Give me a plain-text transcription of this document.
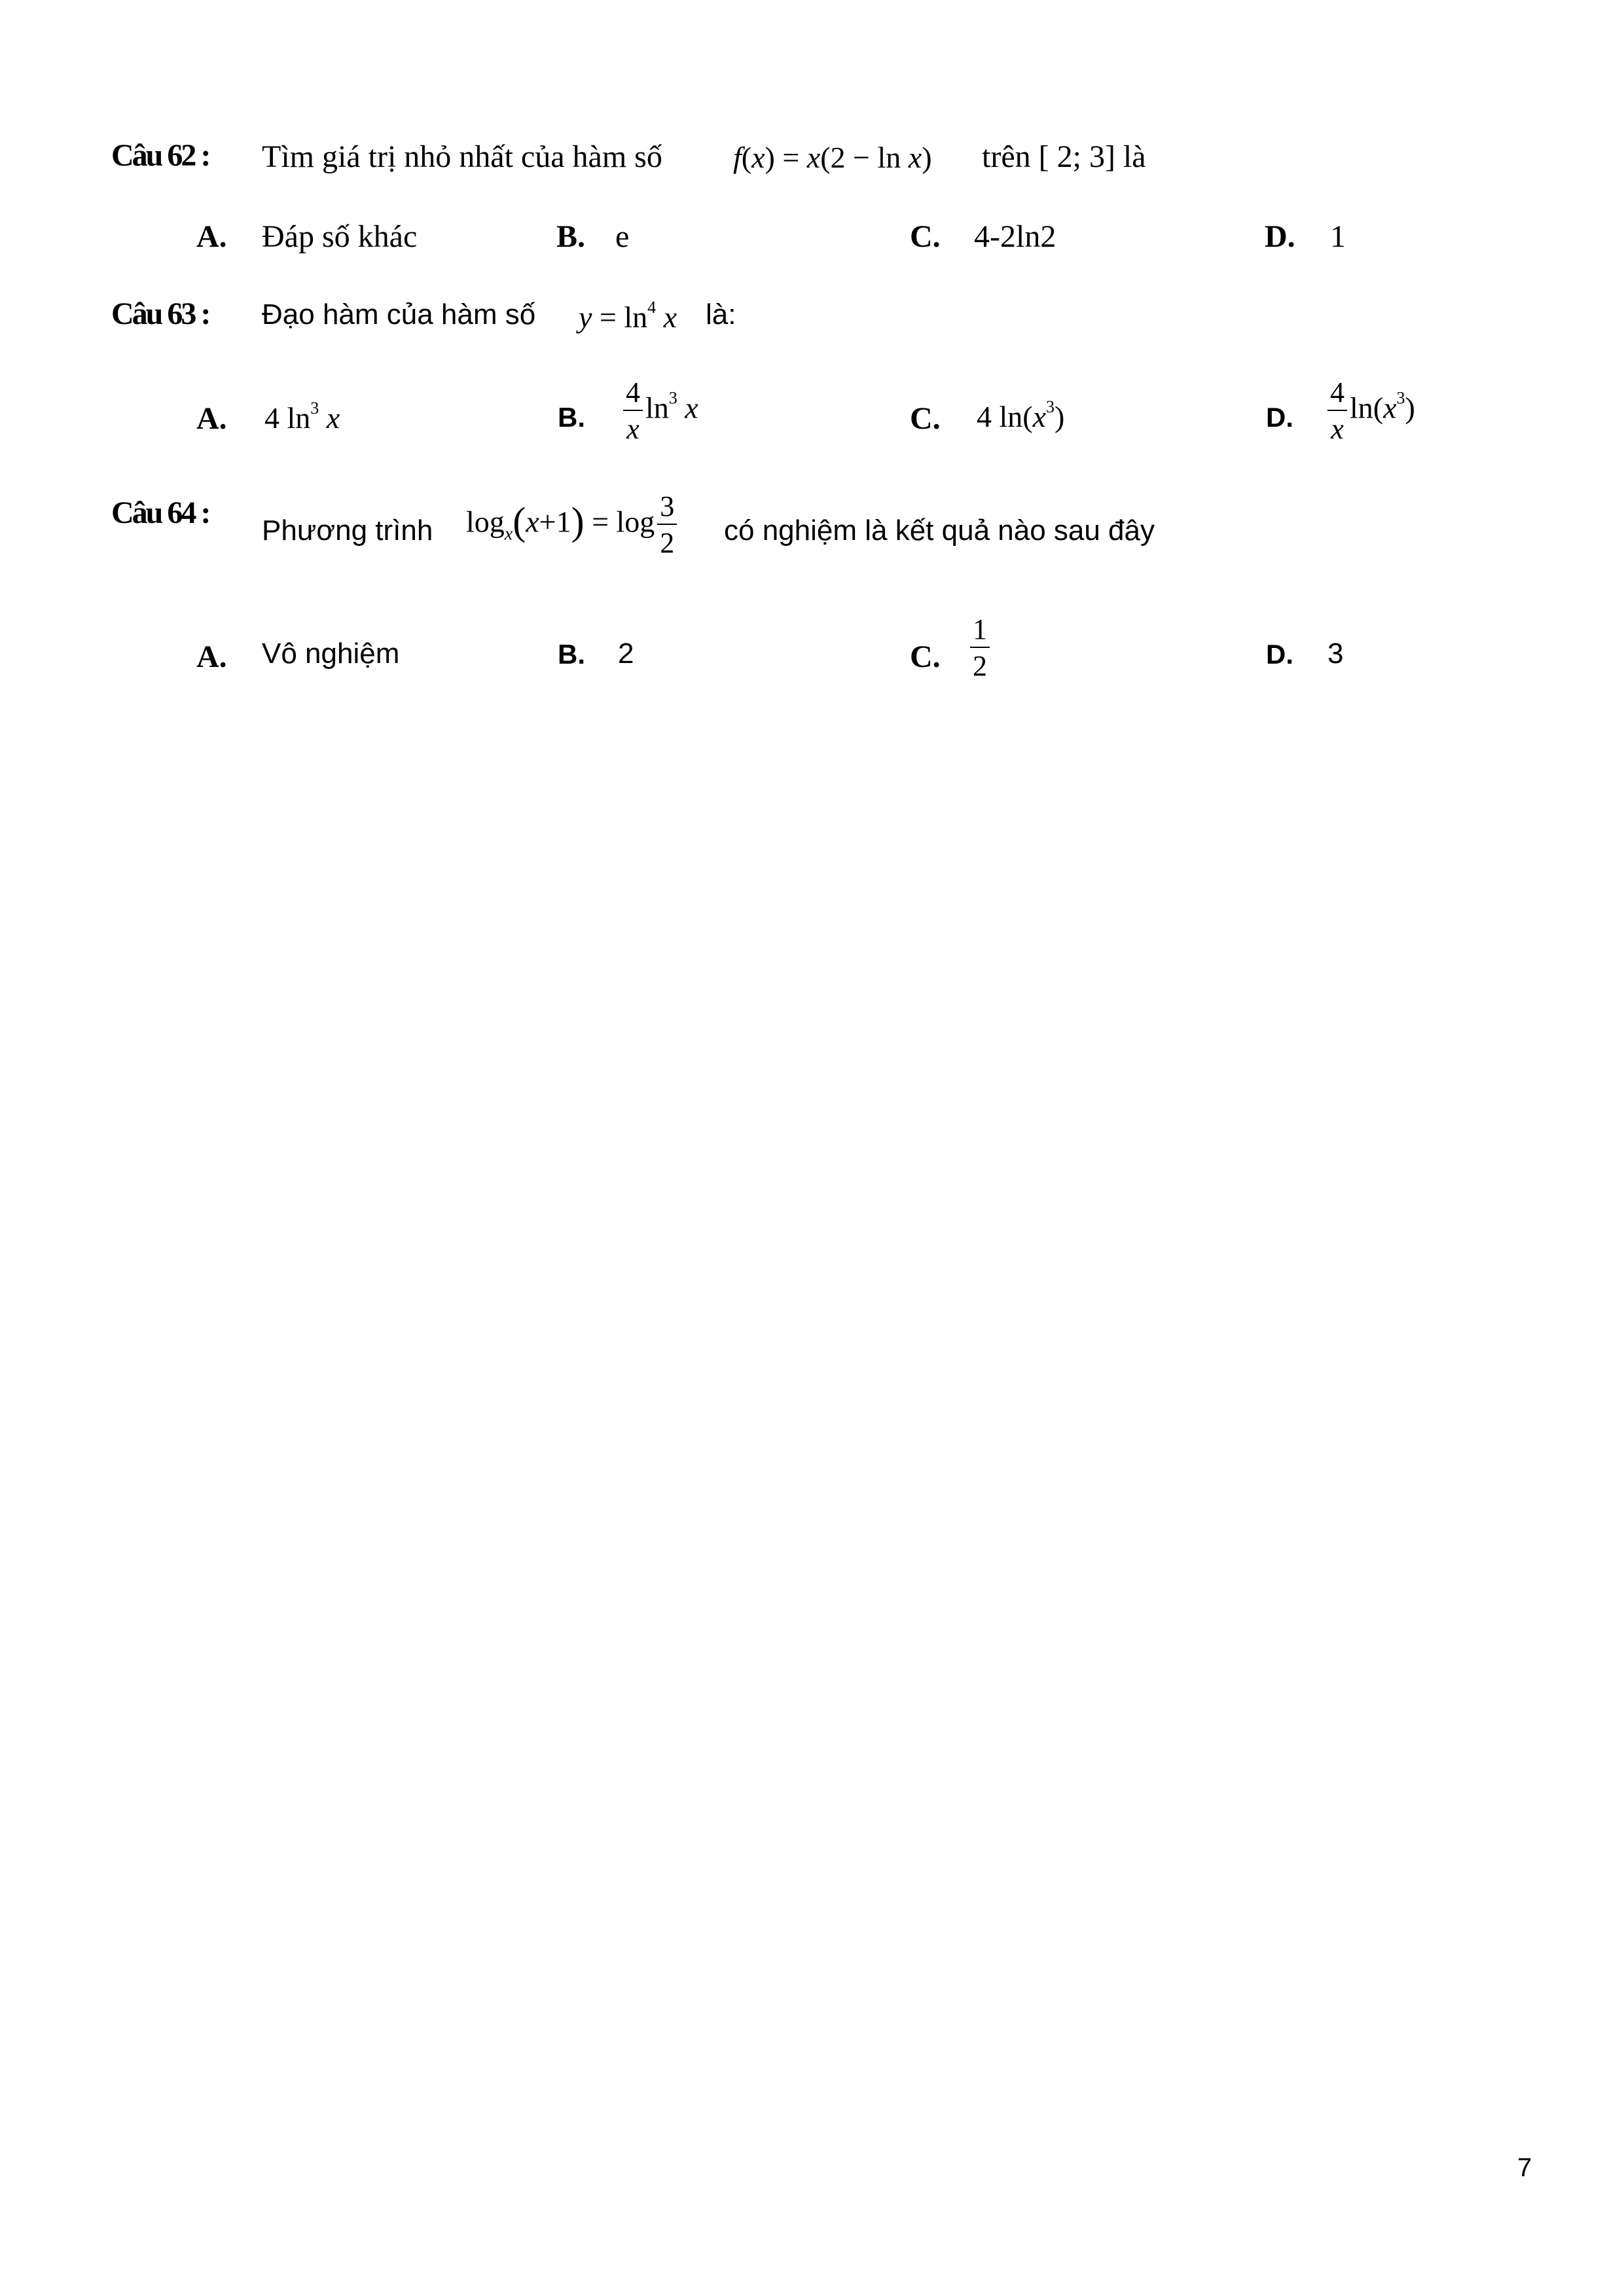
Câu 62 : Tìm giá trị nhỏ nhất của hàm số f(x) = x(2 − ln x) trên [ 2; 3] là
A. Đáp số khác	B. e	C. 4-2ln2	D. 1
Câu 63 : Đạo hàm của hàm số $y = \ln^4 x$ là:
A. 4 $\ln^3 x$	B. $\frac{4}{x} \ln^3 x$	C. 4 $\ln(x^3)$	D. $\frac{4}{x} \ln(x^3)$
Câu 64 :
Phương trình $\log_x(x+1) = \log \frac{3}{2}$ có nghiệm là kết quả nào sau đây
A. Vô nghiệm	B. 2	C. $\frac{1}{2}$	D. 3
7
